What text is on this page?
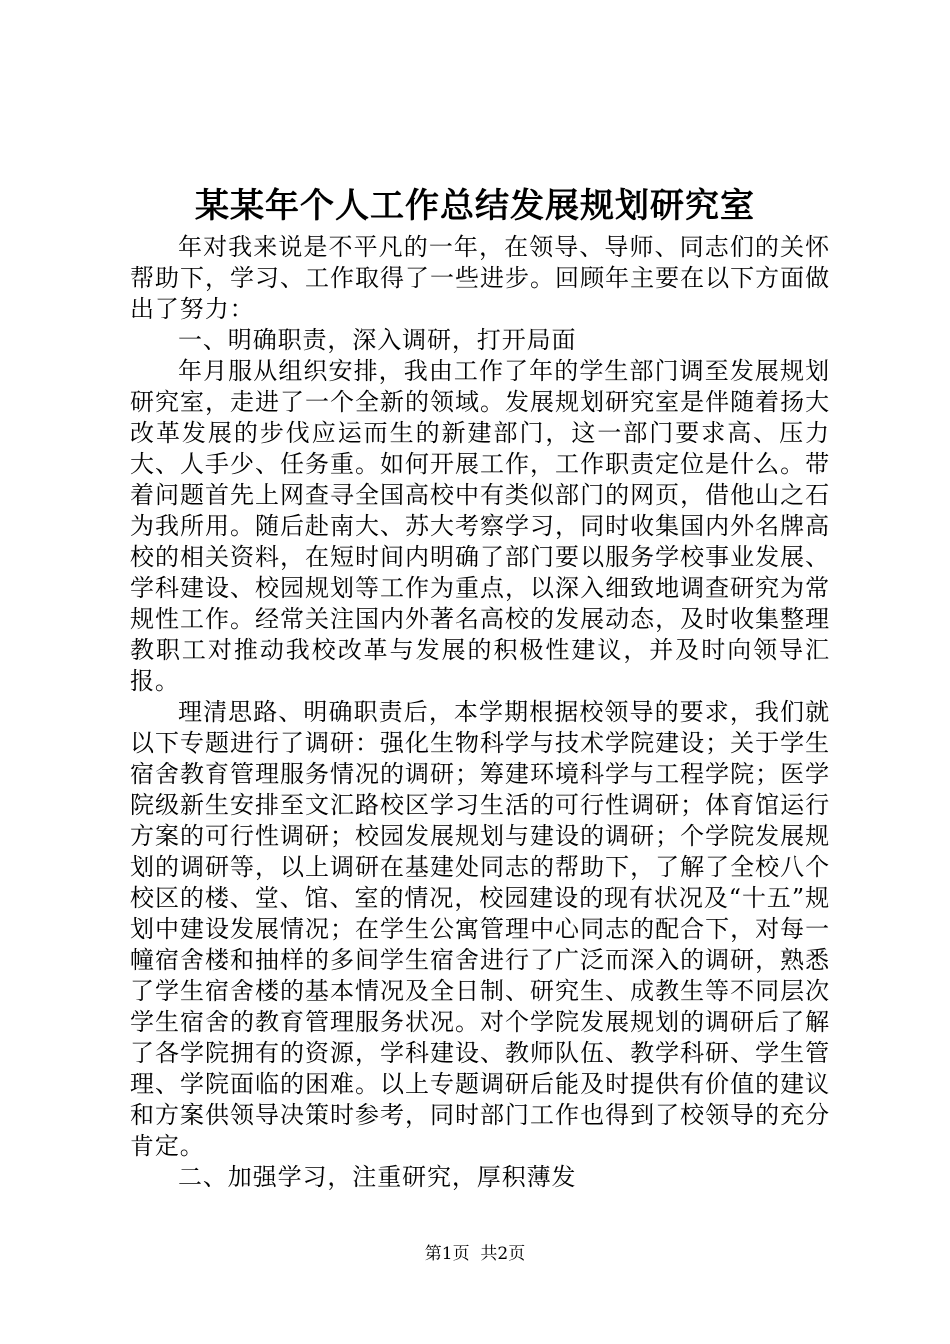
某某年个人工作总结发展规划研究室

年对我来说是不平凡的一年，在领导、导师、同志们的关怀帮助下，学习、工作取得了一些进步。回顾年主要在以下方面做出了努力：

一、明确职责，深入调研，打开局面

年月服从组织安排，我由工作了年的学生部门调至发展规划研究室，走进了一个全新的领域。发展规划研究室是伴随着扬大改革发展的步伐应运而生的新建部门，这一部门要求高、压力大、人手少、任务重。如何开展工作，工作职责定位是什么。带着问题首先上网查寻全国高校中有类似部门的网页，借他山之石为我所用。随后赴南大、苏大考察学习，同时收集国内外名牌高校的相关资料，在短时间内明确了部门要以服务学校事业发展、学科建设、校园规划等工作为重点，以深入细致地调查研究为常规性工作。经常关注国内外著名高校的发展动态，及时收集整理教职工对推动我校改革与发展的积极性建议，并及时向领导汇报。

理清思路、明确职责后，本学期根据校领导的要求，我们就以下专题进行了调研：强化生物科学与技术学院建设；关于学生宿舍教育管理服务情况的调研；筹建环境科学与工程学院；医学院级新生安排至文汇路校区学习生活的可行性调研；体育馆运行方案的可行性调研；校园发展规划与建设的调研；个学院发展规划的调研等，以上调研在基建处同志的帮助下，了解了全校八个校区的楼、堂、馆、室的情况，校园建设的现有状况及“十五”规划中建设发展情况；在学生公寓管理中心同志的配合下，对每一幢宿舍楼和抽样的多间学生宿舍进行了广泛而深入的调研，熟悉了学生宿舍楼的基本情况及全日制、研究生、成教生等不同层次学生宿舍的教育管理服务状况。对个学院发展规划的调研后了解了各学院拥有的资源，学科建设、教师队伍、教学科研、学生管理、学院面临的困难。以上专题调研后能及时提供有价值的建议和方案供领导决策时参考，同时部门工作也得到了校领导的充分肯定。

二、加强学习，注重研究，厚积薄发

第1页 共2页
